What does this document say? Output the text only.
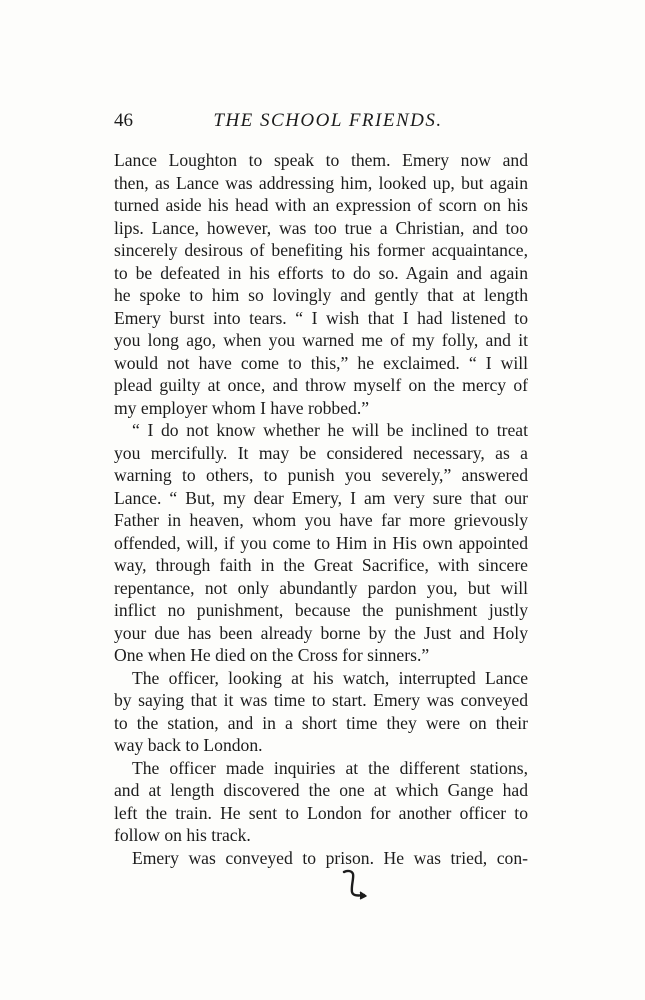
46	THE SCHOOL FRIENDS.
Lance Loughton to speak to them. Emery now and
then, as Lance was addressing him, looked up, but again
turned aside his head with an expression of scorn on his
lips. Lance, however, was too true a Christian, and too
sincerely desirous of benefiting his former acquaintance,
to be defeated in his efforts to do so. Again and again
he spoke to him so lovingly and gently that at length
Emery burst into tears. “ I wish that I had listened to
you long ago, when you warned me of my folly, and it
would not have come to this,” he exclaimed. “ I will
plead guilty at once, and throw myself on the mercy of
my employer whom I have robbed.”
“ I do not know whether he will be inclined to treat
you mercifully. It may be considered necessary, as a
warning to others, to punish you severely,” answered
Lance. “ But, my dear Emery, I am very sure that our
Father in heaven, whom you have far more grievously
offended, will, if you come to Him in His own appointed
way, through faith in the Great Sacrifice, with sincere
repentance, not only abundantly pardon you, but will
inflict no punishment, because the punishment justly
your due has been already borne by the Just and Holy
One when He died on the Cross for sinners.”
The officer, looking at his watch, interrupted Lance
by saying that it was time to start. Emery was conveyed
to the station, and in a short time they were on their
way back to London.
The officer made inquiries at the different stations,
and at length discovered the one at which Gange had
left the train. He sent to London for another officer to
follow on his track.
Emery was conveyed to prison. He was tried, con-
